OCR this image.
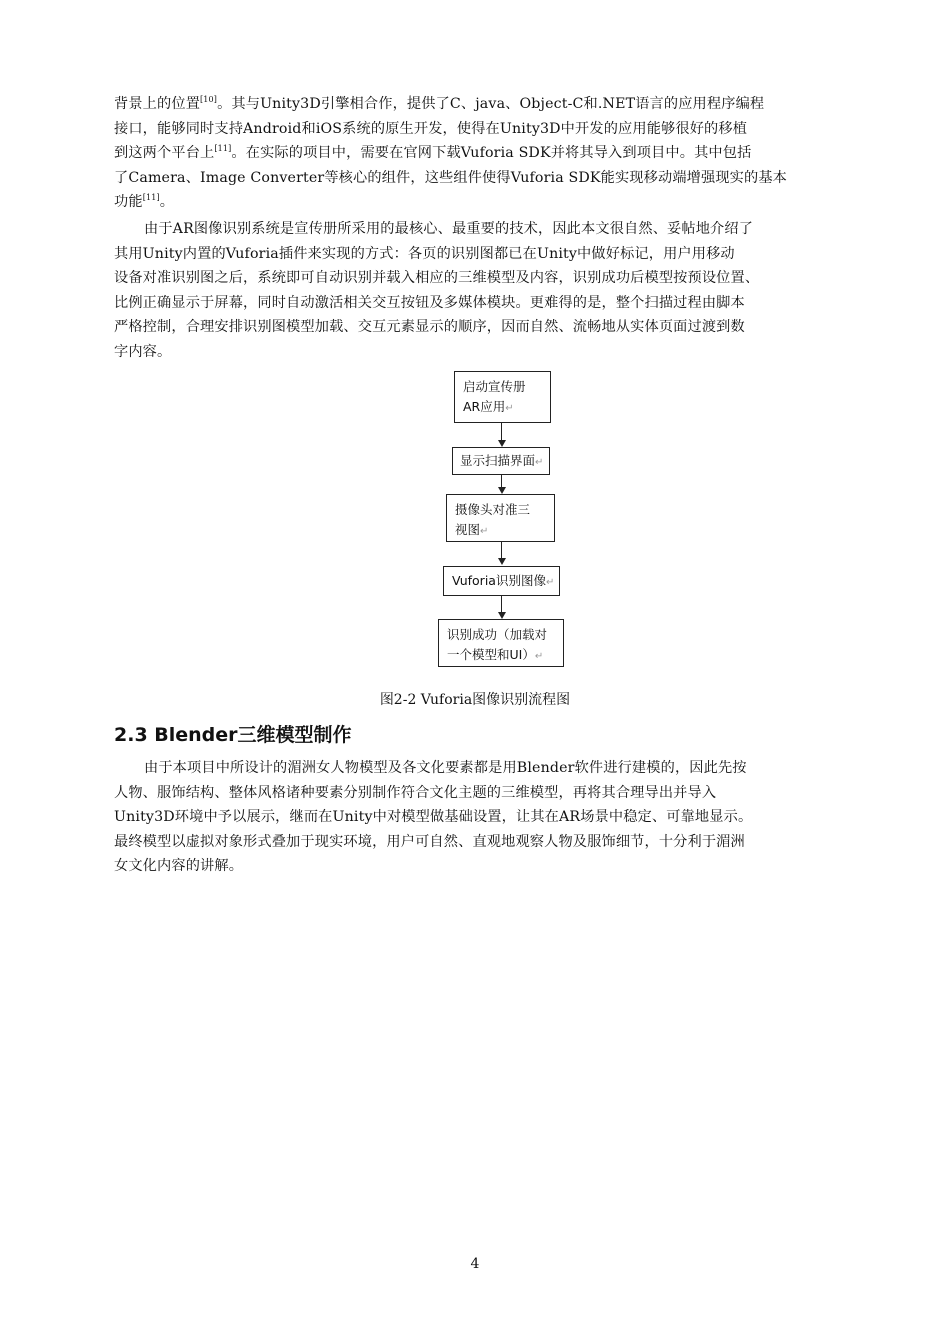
背景上的位置[10]。其与Unity3D引擎相合作，提供了C、java、Object-C和.NET语言的应用程序编程
接口，能够同时支持Android和iOS系统的原生开发，使得在Unity3D中开发的应用能够很好的移植
到这两个平台上[11]。在实际的项目中，需要在官网下载Vuforia SDK并将其导入到项目中。其中包括
了Camera、Image Converter等核心的组件，这些组件使得Vuforia SDK能实现移动端增强现实的基本
功能[11]。
由于AR图像识别系统是宣传册所采用的最核心、最重要的技术，因此本文很自然、妥帖地介绍了
其用Unity内置的Vuforia插件来实现的方式：各页的识别图都已在Unity中做好标记，用户用移动
设备对准识别图之后，系统即可自动识别并载入相应的三维模型及内容，识别成功后模型按预设位置、
比例正确显示于屏幕，同时自动激活相关交互按钮及多媒体模块。更难得的是，整个扫描过程由脚本
严格控制，合理安排识别图模型加载、交互元素显示的顺序，因而自然、流畅地从实体页面过渡到数
字内容。
启动宣传册
AR应用↵
显示扫描界面↵
摄像头对准三
视图↵
Vuforia识别图像↵
识别成功（加载对
一个模型和UI）↵
图2-2 Vuforia图像识别流程图
2.3 Blender三维模型制作
由于本项目中所设计的湄洲女人物模型及各文化要素都是用Blender软件进行建模的，因此先按
人物、服饰结构、整体风格诸种要素分别制作符合文化主题的三维模型，再将其合理导出并导入
Unity3D环境中予以展示，继而在Unity中对模型做基础设置，让其在AR场景中稳定、可靠地显示。
最终模型以虚拟对象形式叠加于现实环境，用户可自然、直观地观察人物及服饰细节，十分利于湄洲
女文化内容的讲解。
4
